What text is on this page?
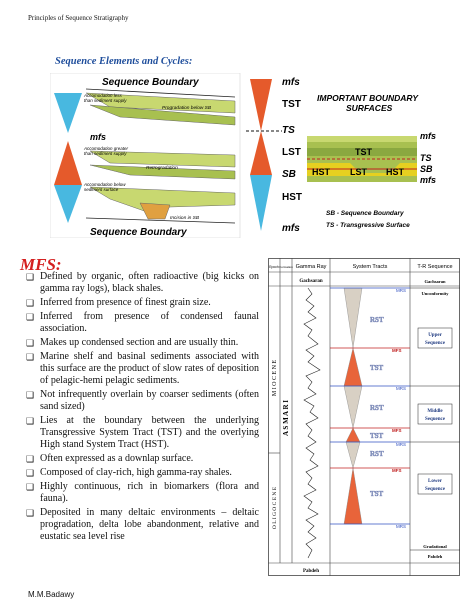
Principles of Sequence Stratigraphy
Sequence Elements and Cycles:
Sequence Boundary
Sequence Boundary
mfs
Accomodation less
than sediment supply
Progradation below SB
Accomodation greater
than sediment supply
Retrogradation
Accomodation below
sediment surface
Incision in SB
mfs
TST
TS
LST
SB
HST
mfs
IMPORTANT BOUNDARY
SURFACES
TST
HST LST HST
mfs
TS
SB
mfs
SB - Sequence Boundary
TS - Transgressive Surface
MFS:
❑ Defined by organic, often radioactive (big kicks on gamma ray logs), black shales.
❑ Inferred from presence of finest grain size.
❑ Inferred from presence of condensed faunal association.
❑ Makes up condensed section and are usually thin.
❑ Marine shelf and basinal sediments associated with this surface are the product of slow rates of deposition of pelagic-hemi pelagic sediments.
❑ Not infrequently overlain by coarser sediments (often sand sized)
❑ Lies at the boundary between the underlying Transgressive System Tract (TST) and the overlying High stand System Tract (HST).
❑ Often expressed as a downlap surface.
❑ Composed of clay-rich, high gamma-ray shales.
❑ Highly continuous, rich in biomarkers (flora and fauna).
❑ Deposited in many deltaic environments – deltaic progradation, delta lobe abandonment, relative and eustatic sea level rise
Epoch Formation Gamma Ray	System Tracts	T-R Sequence
Gachsaran
Pabdeh
M I O C E N E
O L I G O C E N E
A S M A R I
RST
TST
RST
TST
RST
TST
MRS
MFS
MRS
MFS
MRS
MFS
MRS
Gachsaran
Unconformity
Upper
Sequence
Middle
Sequence
Lower
Sequence
Gradational
Pabdeh
M.M.Badawy
